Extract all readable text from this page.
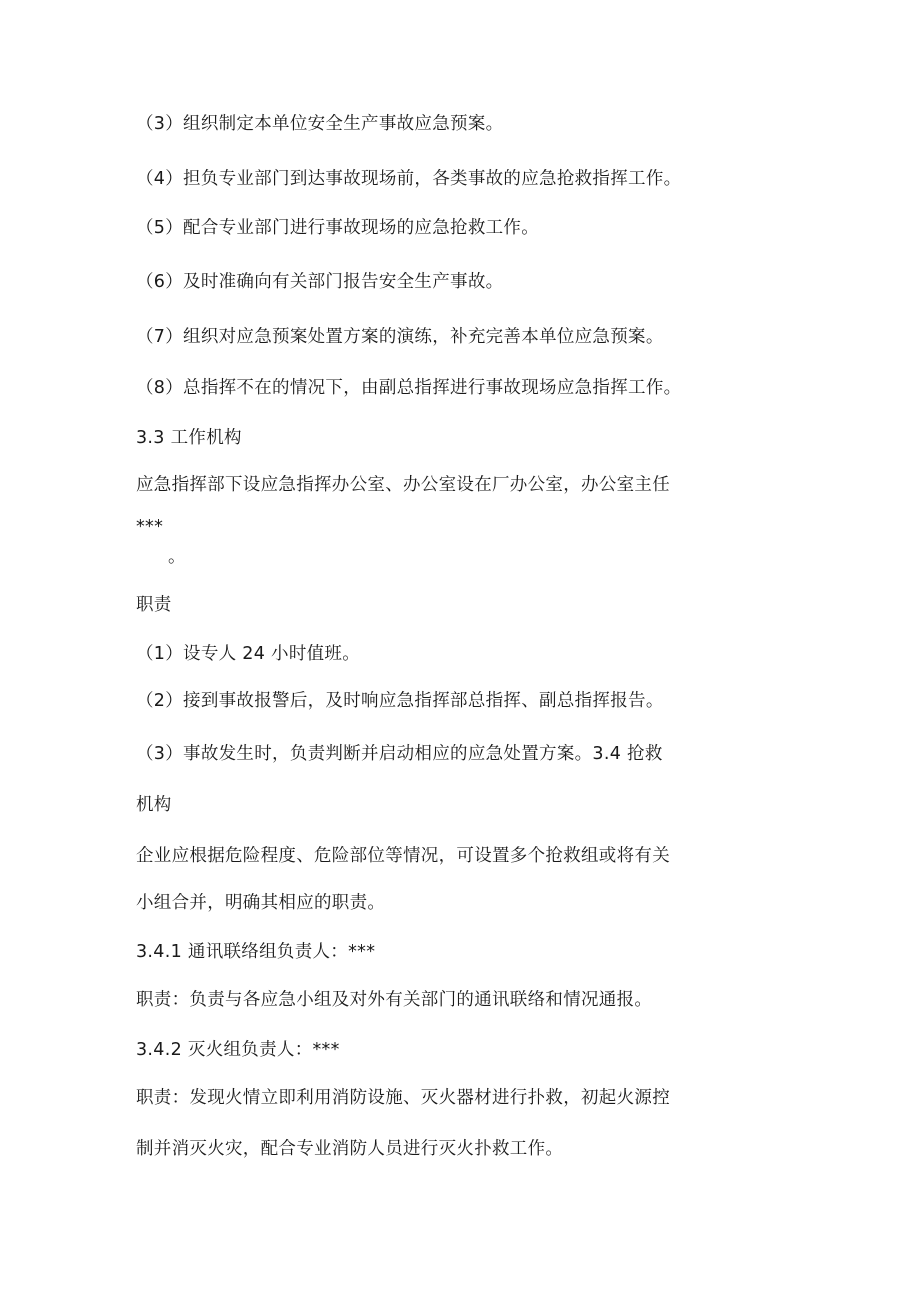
（3）组织制定本单位安全生产事故应急预案。
（4）担负专业部门到达事故现场前，各类事故的应急抢救指挥工作。
（5）配合专业部门进行事故现场的应急抢救工作。
（6）及时准确向有关部门报告安全生产事故。
（7）组织对应急预案处置方案的演练，补充完善本单位应急预案。
（8）总指挥不在的情况下，由副总指挥进行事故现场应急指挥工作。
3.3 工作机构
应急指挥部下设应急指挥办公室、办公室设在厂办公室，办公室主任
***
。
职责
（1）设专人 24 小时值班。
（2）接到事故报警后，及时响应急指挥部总指挥、副总指挥报告。
（3）事故发生时，负责判断并启动相应的应急处置方案。3.4 抢救
机构
企业应根据危险程度、危险部位等情况，可设置多个抢救组或将有关
小组合并，明确其相应的职责。
3.4.1 通讯联络组负责人：***
职责：负责与各应急小组及对外有关部门的通讯联络和情况通报。
3.4.2 灭火组负责人：***
职责：发现火情立即利用消防设施、灭火器材进行扑救，初起火源控
制并消灭火灾，配合专业消防人员进行灭火扑救工作。
